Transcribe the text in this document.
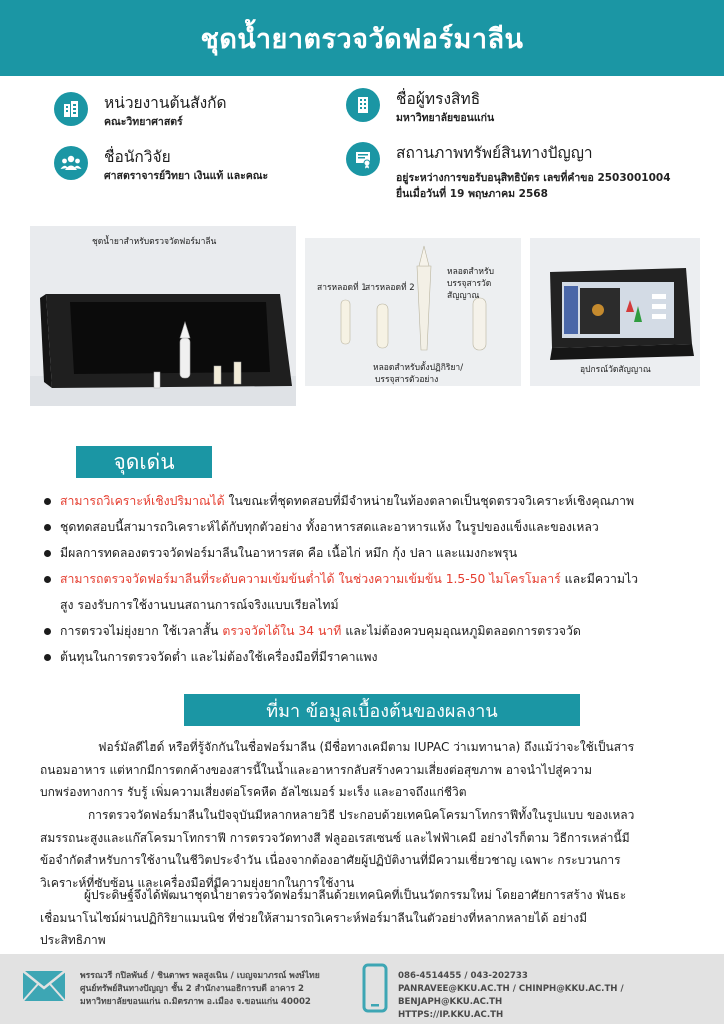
ชุดน้ำยาตรวจวัดฟอร์มาลีน
หน่วยงานต้นสังกัด
คณะวิทยาศาสตร์
ชื่อนักวิจัย
ศาสตราจารย์วิทยา เงินแท้ และคณะ
ชื่อผู้ทรงสิทธิ
มหาวิทยาลัยขอนแก่น
สถานภาพทรัพย์สินทางปัญญา
อยู่ระหว่างการขอรับอนุสิทธิบัตร เลขที่คำขอ 2503001004
ยื่นเมื่อวันที่ 19 พฤษภาคม 2568
ชุดน้ำยาสำหรับตรวจวัดฟอร์มาลีน
สารหลอดที่ 1
สารหลอดที่ 2
หลอดสำหรับ
บรรจุสารวัดสัญญาณ
หลอดสำหรับตั้งปฏิกิริยา/
บรรจุสารตัวอย่าง
อุปกรณ์วัดสัญญาณ
จุดเด่น
สามารถวิเคราะห์เชิงปริมาณได้ ในขณะที่ชุดทดสอบที่มีจำหน่ายในท้องตลาดเป็นชุดตรวจวิเคราะห์เชิงคุณภาพ
ชุดทดสอบนี้สามารถวิเคราะห์ได้กับทุกตัวอย่าง ทั้งอาหารสดและอาหารแห้ง ในรูปของแข็งและของเหลว
มีผลการทดลองตรวจวัดฟอร์มาลีนในอาหารสด คือ เนื้อไก่ หมึก กุ้ง ปลา และแมงกะพรุน
สามารถตรวจวัดฟอร์มาลีนที่ระดับความเข้มข้นต่ำได้ ในช่วงความเข้มข้น 1.5-50 ไมโครโมลาร์ และมีความไว
สูง รองรับการใช้งานบนสถานการณ์จริงแบบเรียลไทม์
การตรวจไม่ยุ่งยาก ใช้เวลาสั้น ตรวจวัดได้ใน 34 นาที และไม่ต้องควบคุมอุณหภูมิตลอดการตรวจวัด
ต้นทุนในการตรวจวัดต่ำ และไม่ต้องใช้เครื่องมือที่มีราคาแพง
ที่มา ข้อมูลเบื้องต้นของผลงาน
ฟอร์มัลดีไฮด์ หรือที่รู้จักกันในชื่อฟอร์มาลีน (มีชื่อทางเคมีตาม IUPAC ว่าเมทานาล) ถึงแม้ว่าจะใช้เป็นสาร
ถนอมอาหาร แต่หากมีการตกค้างของสารนี้ในน้ำและอาหารกลับสร้างความเสี่ยงต่อสุขภาพ อาจนำไปสู่ความ
บกพร่องทางการ รับรู้ เพิ่มความเสี่ยงต่อโรคหืด อัลไซเมอร์ มะเร็ง และอาจถึงแก่ชีวิต
การตรวจวัดฟอร์มาลีนในปัจจุบันมีหลากหลายวิธี ประกอบด้วยเทคนิคโครมาโทกราฟีทั้งในรูปแบบ ของเหลว
สมรรถนะสูงและแก๊สโครมาโทกราฟี การตรวจวัดทางสี ฟลูออเรสเซนซ์ และไฟฟ้าเคมี อย่างไรก็ตาม วิธีการเหล่านี้มี
ข้อจำกัดสำหรับการใช้งานในชีวิตประจำวัน เนื่องจากต้องอาศัยผู้ปฏิบัติงานที่มีความเชี่ยวชาญ เฉพาะ กระบวนการ
วิเคราะห์ที่ซับซ้อน และเครื่องมือที่มีความยุ่งยากในการใช้งาน
ผู้ประดิษฐ์จึงได้พัฒนาชุดน้ำยาตรวจวัดฟอร์มาลีนด้วยเทคนิคที่เป็นนวัตกรรมใหม่ โดยอาศัยการสร้าง พันธะ
เชื่อมนาโนไซม์ผ่านปฏิกิริยาแมนนิช ที่ช่วยให้สามารถวิเคราะห์ฟอร์มาลีนในตัวอย่างที่หลากหลายได้ อย่างมี
ประสิทธิภาพ
พรรณวรี กปิลพันธ์ / ชินตาพร พลสูงเนิน / เบญจมาภรณ์ พงษ์ไทย
ศูนย์ทรัพย์สินทางปัญญา ชั้น 2 สำนักงานอธิการบดี อาคาร 2
มหาวิทยาลัยขอนแก่น ถ.มิตรภาพ อ.เมือง จ.ขอนแก่น 40002
086-4514455 / 043-202733
PANRAVEE@KKU.AC.TH / CHINPH@KKU.AC.TH / BENJAPH@KKU.AC.TH
HTTPS://IP.KKU.AC.TH
